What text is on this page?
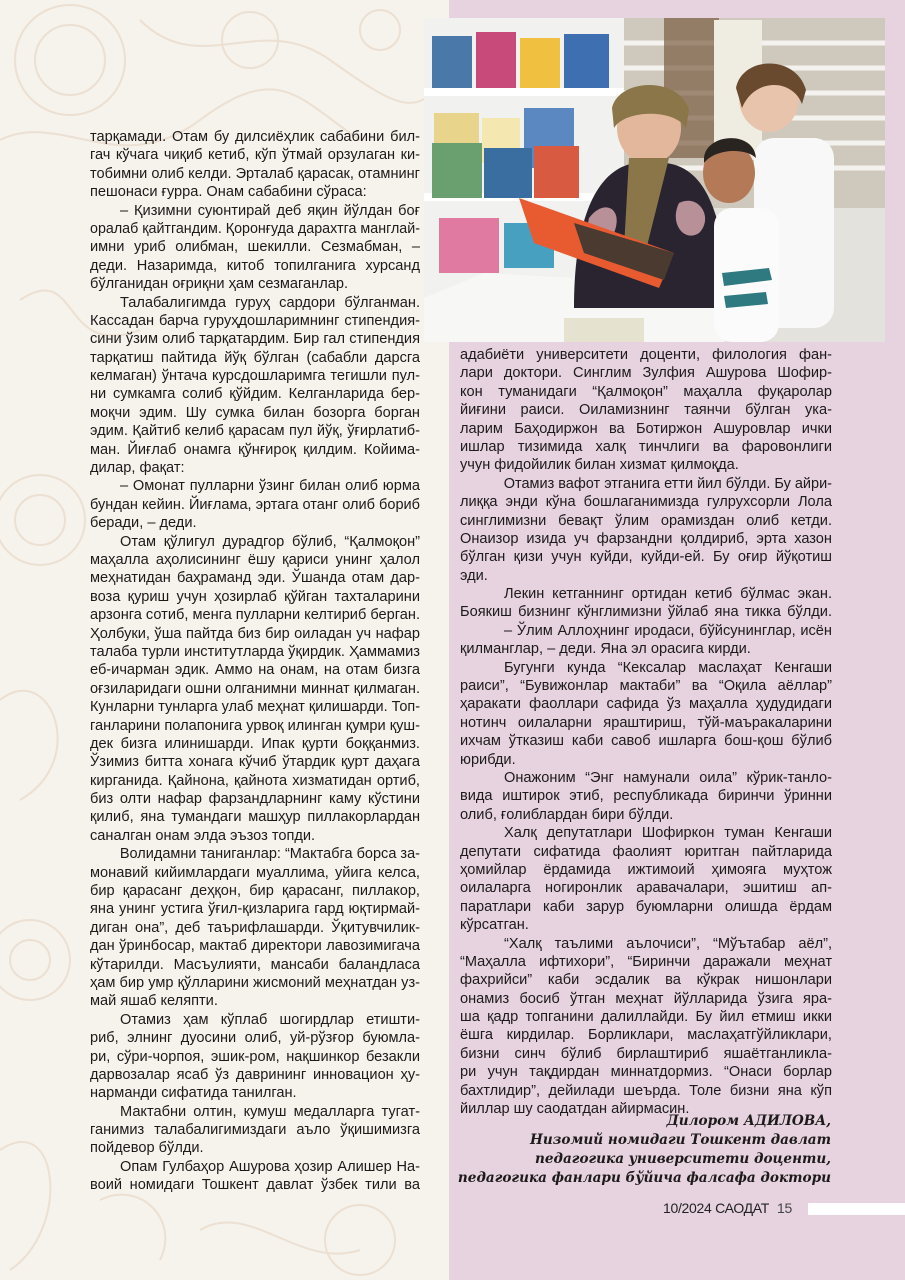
тарқамади. Отам бу дилсиёҳлик сабабини бил-
гач кўчага чиқиб кетиб, кўп ўтмай орзулаган ки-
тобимни олиб келди. Эрталаб қарасак, отамнинг
пешонаси ғурра. Онам сабабини сўраса:
– Қизимни суюнтирай деб яқин йўлдан боғ
оралаб қайтгандим. Қоронғуда дарахтга манглай-
имни уриб олибман, шекилли. Сезмабман, –
деди. Назаримда, китоб топилганига хурсанд
бўлганидан оғриқни ҳам сезмаганлар.
Талабалигимда гуруҳ сардори бўлганман.
Кассадан барча гуруҳдошларимнинг стипендия-
сини ўзим олиб тарқатардим. Бир гал стипендия
тарқатиш пайтида йўқ бўлган (сабабли дарсга
келмаган) ўнтача курсдошларимга тегишли пул-
ни сумкамга солиб қўйдим. Келганларида бер-
моқчи эдим. Шу сумка билан бозорга борган
эдим. Қайтиб келиб қарасам пул йўқ, ўғирлатиб-
ман. Йиғлаб онамга қўнғироқ қилдим. Койима-
дилар, фақат:
– Омонат пулларни ўзинг билан олиб юрма
бундан кейин. Йиғлама, эртага отанг олиб бориб
беради, – деди.
Отам қўлигул дурадгор бўлиб, “Қалмоқон”
маҳалла аҳолисининг ёшу қариси унинг ҳалол
меҳнатидан баҳраманд эди. Ўшанда отам дар-
воза қуриш учун ҳозирлаб қўйган тахталарини
арзонга сотиб, менга пулларни келтириб берган.
Ҳолбуки, ўша пайтда биз бир оиладан уч нафар
талаба турли институтларда ўқирдик. Ҳаммамиз
еб-ичарман эдик. Аммо на онам, на отам бизга
оғзиларидаги ошни олганимни миннат қилмаган.
Кунларни тунларга улаб меҳнат қилишарди. Топ-
ганларини полапонига урвоқ илинган қумри қуш-
дек бизга илинишарди. Ипак қурти боққанмиз.
Ўзимиз битта хонага кўчиб ўтардик қурт даҳага
кирганида. Қайнона, қайнота хизматидан ортиб,
биз олти нафар фарзандларнинг каму кўстини
қилиб, яна тумандаги машҳур пиллакорлардан
саналган онам элда эъзоз топди.
Волидамни таниганлар: “Мактабга борса за-
монавий кийимлардаги муаллима, уйига келса,
бир қарасанг деҳқон, бир қарасанг, пиллакор,
яна унинг устига ўғил-қизларига гард юқтирмай-
диган она”, деб таърифлашарди. Ўқитувчилик-
дан ўринбосар, мактаб директори лавозимигача
кўтарилди. Масъулияти, мансаби баландласа
ҳам бир умр қўлларини жисмоний меҳнатдан уз-
май яшаб келяпти.
Отамиз ҳам кўплаб шогирдлар етишти-
риб, элнинг дуосини олиб, уй-рўзғор буюмла-
ри, сўри-чорпоя, эшик-ром, нақшинкор безакли
дарвозалар ясаб ўз даврининг инновацион ҳу-
нарманди сифатида танилган.
Мактабни олтин, кумуш медалларга тугат-
ганимиз талабалигимиздаги аъло ўқишимизга
пойдевор бўлди.
Опам Гулбаҳор Ашурова ҳозир Алишер На-
воий номидаги Тошкент давлат ўзбек тили ва
адабиёти университети доценти, филология фан-
лари доктори. Синглим Зулфия Ашурова Шофир-
кон туманидаги “Қалмоқон” маҳалла фуқаролар
йиғини раиси. Оиламизнинг таянчи бўлган ука-
ларим Баҳодиржон ва Ботиржон Ашуровлар ички
ишлар тизимида халқ тинчлиги ва фаровонлиги
учун фидойилик билан хизмат қилмоқда.
Отамиз вафот этганига етти йил бўлди. Бу айри-
лиққа энди кўна бошлаганимизда гулрухсорли Лола
синглимизни бевақт ўлим орамиздан олиб кетди.
Онаизор изида уч фарзандни қолдириб, эрта хазон
бўлган қизи учун куйди, куйди-ей. Бу оғир йўқотиш
эди.
Лекин кетганнинг ортидан кетиб бўлмас экан.
Боякиш бизнинг кўнглимизни ўйлаб яна тикка бўлди.
– Ўлим Аллоҳнинг иродаси, бўйсунинглар, исён
қилманглар, – деди. Яна эл орасига кирди.
Бугунги кунда “Кексалар маслаҳат Кенгаши
раиси”, “Бувижонлар мактаби” ва “Оқила аёллар”
ҳаракати фаоллари сафида ўз маҳалла ҳудудидаги
нотинч оилаларни яраштириш, тўй-маъракаларини
ихчам ўтказиш каби савоб ишларга бош-қош бўлиб
юрибди.
Онажоним “Энг намунали оила” кўрик-танло-
вида иштирок этиб, республикада биринчи ўринни
олиб, ғолиблардан бири бўлди.
Халқ депутатлари Шофиркон туман Кенгаши
депутати сифатида фаолият юритган пайтларида
ҳомийлар ёрдамида ижтимоий ҳимояга муҳтож
оилаларга ногиронлик аравачалари, эшитиш ап-
паратлари каби зарур буюмларни олишда ёрдам
кўрсатган.
“Халқ таълими аълочиси”, “Мўътабар аёл”,
“Маҳалла ифтихори”, “Биринчи даражали меҳнат
фахрийси” каби эсдалик ва кўкрак нишонлари
онамиз босиб ўтган меҳнат йўлларида ўзига яра-
ша қадр топганини далиллайди. Бу йил етмиш икки
ёшга кирдилар. Борликлари, маслаҳатгўйликлари,
бизни синч бўлиб бирлаштириб яшаётганликла-
ри учун тақдирдан миннатдормиз. “Онаси борлар
бахтлидир”, дейилади шеърда. Толе бизни яна кўп
йиллар шу саодатдан айирмасин.
Дилором АДИЛОВА,
Низомий номидаги Тошкент давлат
педагогика университети доценти,
педагогика фанлари бўйича фалсафа доктори
10/2024 САОДАТ 15
